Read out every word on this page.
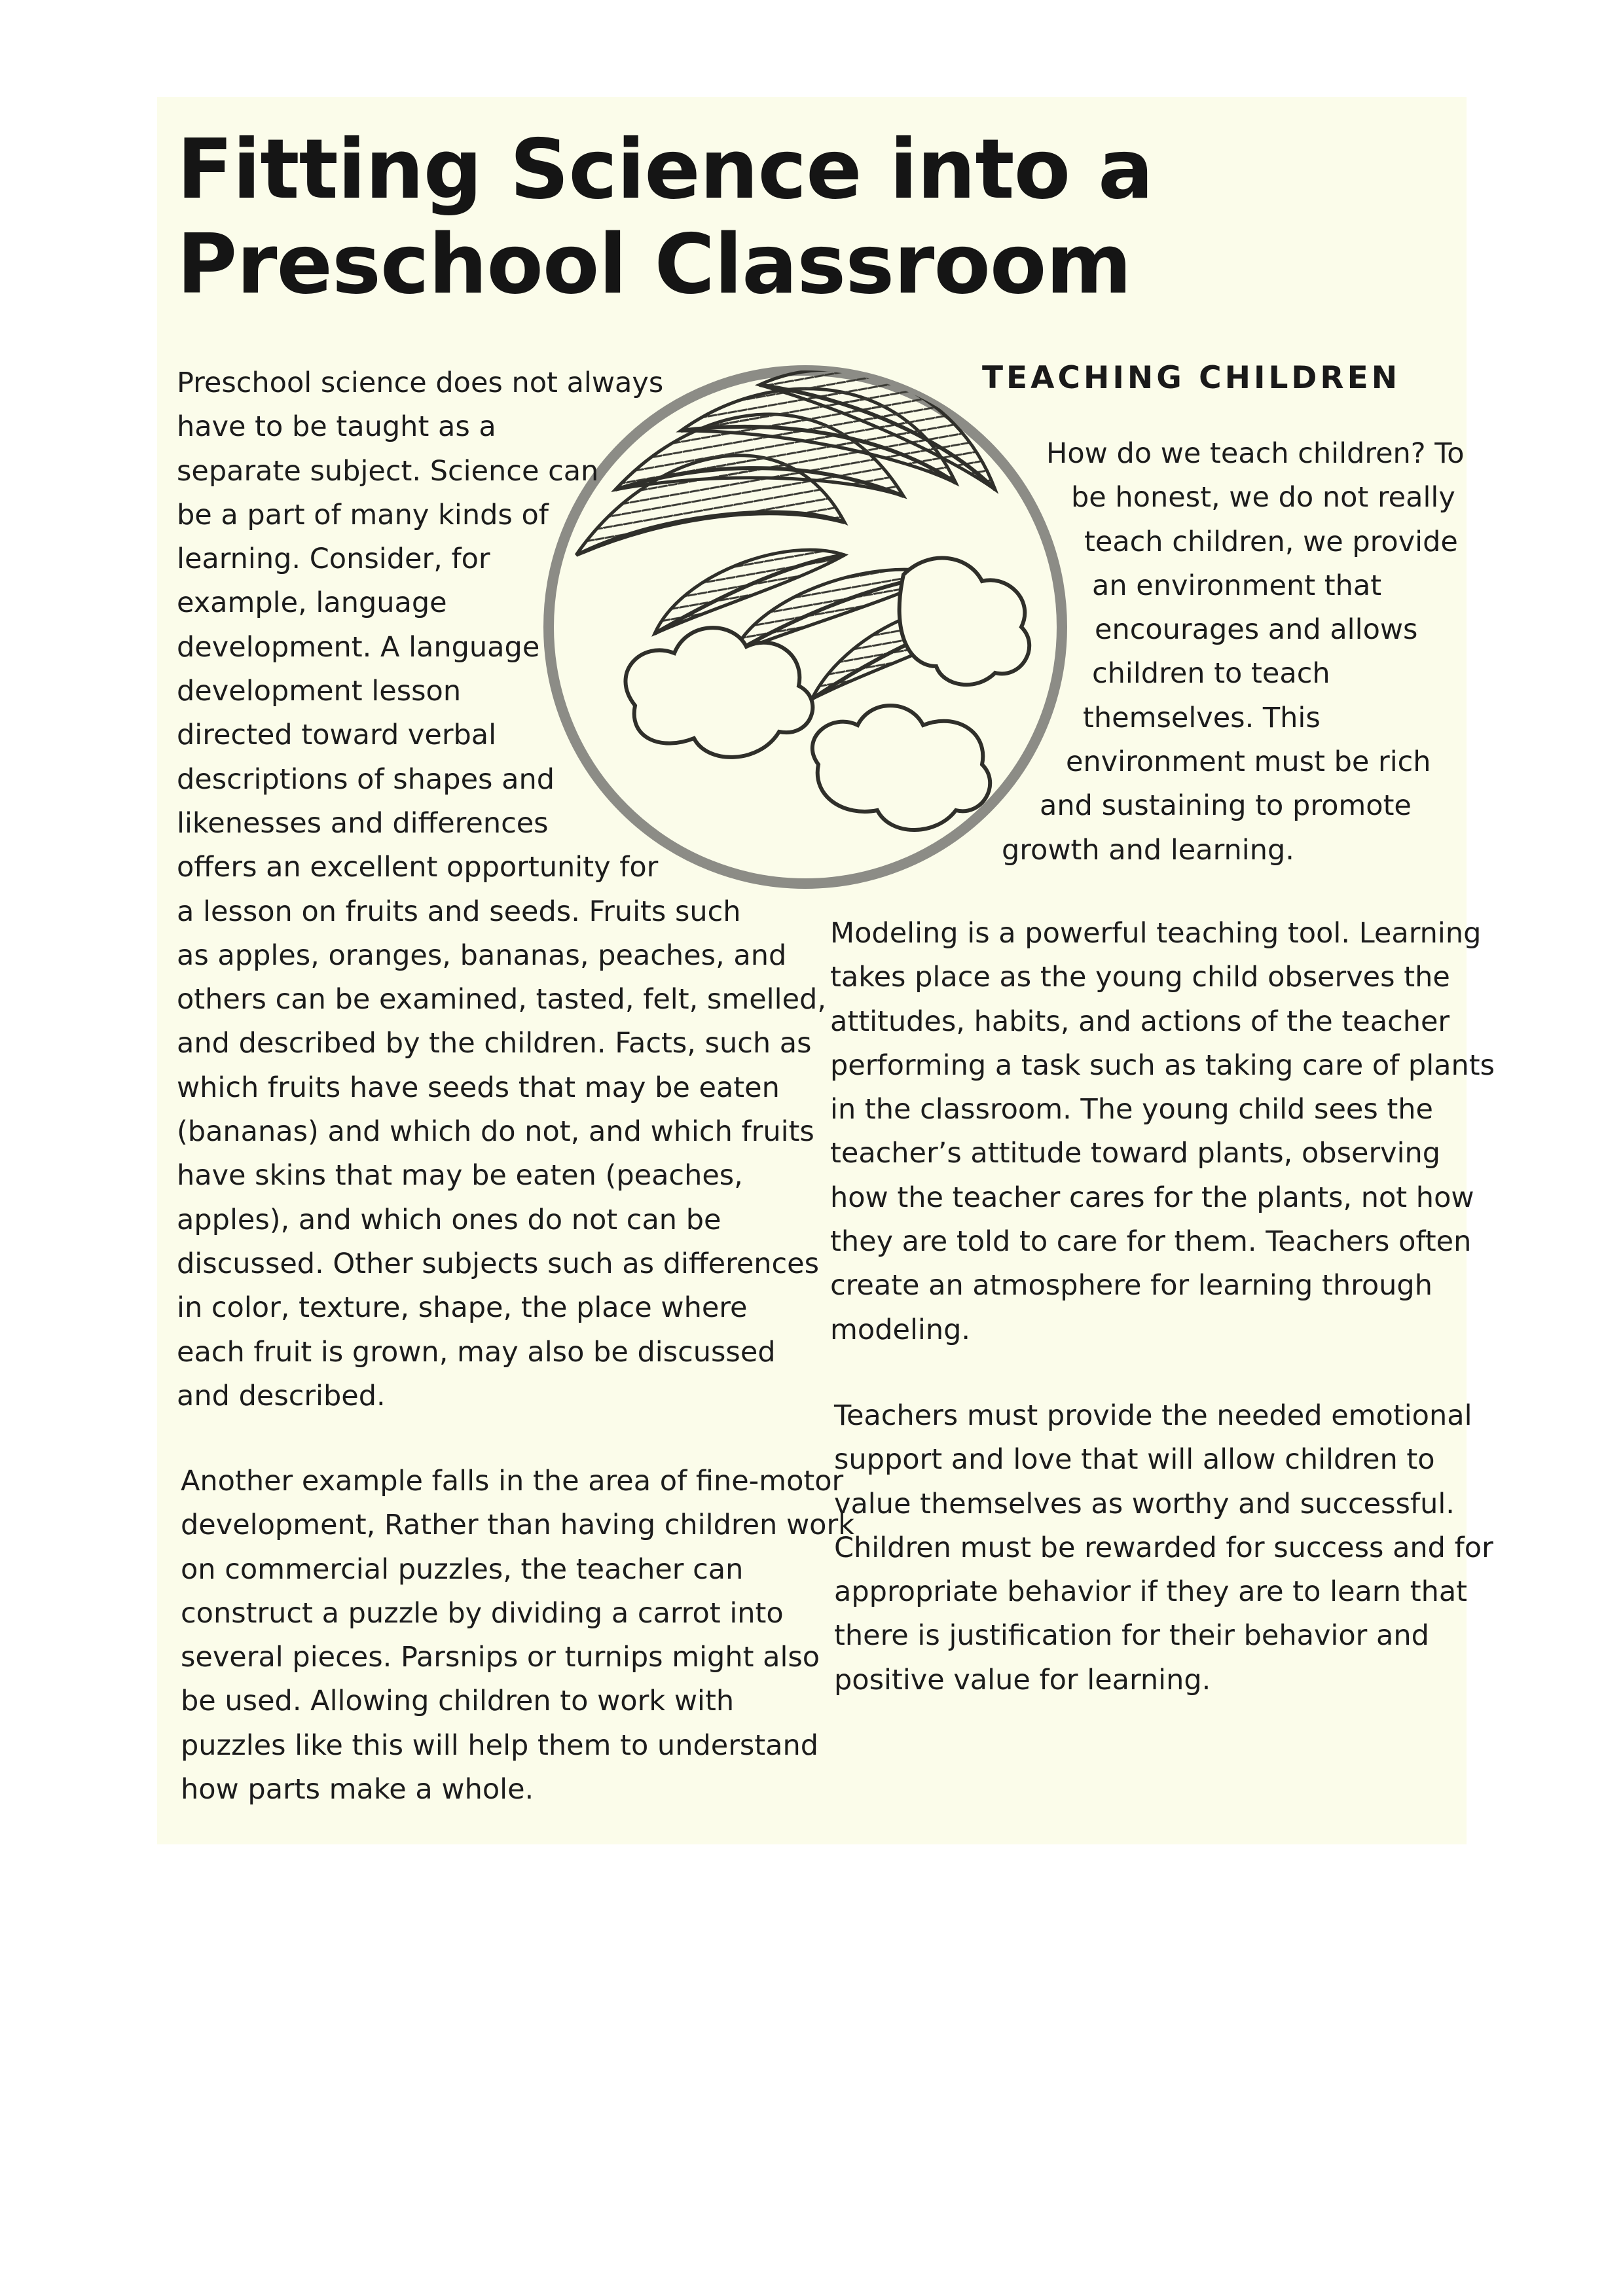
Fitting Science into a
Preschool Classroom
Preschool science does not always
have to be taught as a
separate subject. Science can
be a part of many kinds of
learning. Consider, for
example, language
development. A language
development lesson
directed toward verbal
descriptions of shapes and
likenesses and differences
offers an excellent opportunity for
a lesson on fruits and seeds. Fruits such
as apples, oranges, bananas, peaches, and
others can be examined, tasted, felt, smelled,
and described by the children. Facts, such as
which fruits have seeds that may be eaten
(bananas) and which do not, and which fruits
have skins that may be eaten (peaches,
apples), and which ones do not can be
discussed. Other subjects such as differences
in color, texture, shape, the place where
each fruit is grown, may also be discussed
and described.
Another example falls in the area of fine-motor
development, Rather than having children work
on commercial puzzles, the teacher can
construct a puzzle by dividing a carrot into
several pieces. Parsnips or turnips might also
be used. Allowing children to work with
puzzles like this will help them to understand
how parts make a whole.
TEACHING CHILDREN
How do we teach children? To
be honest, we do not really
teach children, we provide
an environment that
encourages and allows
children to teach
themselves. This
environment must be rich
and sustaining to promote
growth and learning.
Modeling is a powerful teaching tool. Learning
takes place as the young child observes the
attitudes, habits, and actions of the teacher
performing a task such as taking care of plants
in the classroom. The young child sees the
teacher’s attitude toward plants, observing
how the teacher cares for the plants, not how
they are told to care for them. Teachers often
create an atmosphere for learning through
modeling.
Teachers must provide the needed emotional
support and love that will allow children to
value themselves as worthy and successful.
Children must be rewarded for success and for
appropriate behavior if they are to learn that
there is justification for their behavior and
positive value for learning.
